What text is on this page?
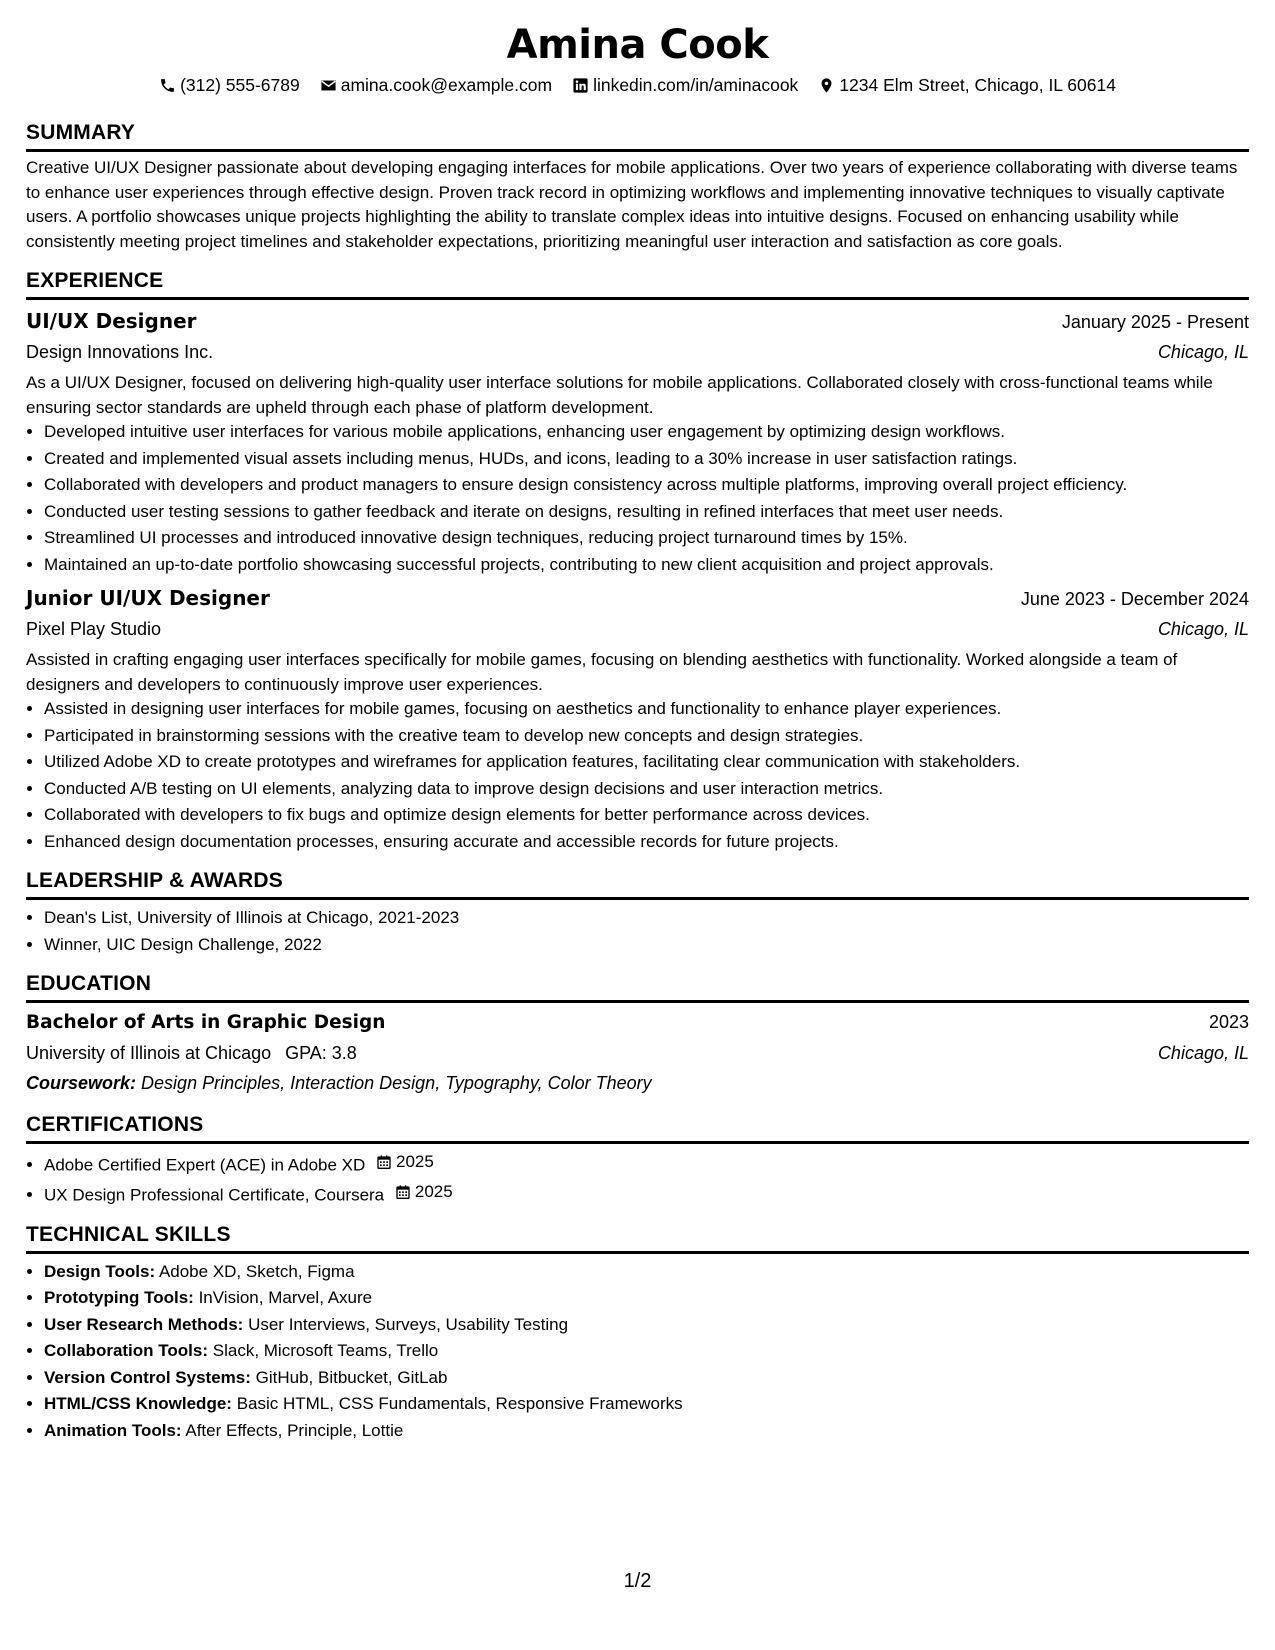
Amina Cook
(312) 555-6789 amina.cook@example.com linkedin.com/in/aminacook 1234 Elm Street, Chicago, IL 60614
SUMMARY

Creative UI/UX Designer passionate about developing engaging interfaces for mobile applications. Over two years of experience collaborating with diverse teams to enhance user experiences through effective design. Proven track record in optimizing workflows and implementing innovative techniques to visually captivate users. A portfolio showcases unique projects highlighting the ability to translate complex ideas into intuitive designs. Focused on enhancing usability while consistently meeting project timelines and stakeholder expectations, prioritizing meaningful user interaction and satisfaction as core goals.

EXPERIENCE
UI/UX Designer	January 2025 - Present
Design Innovations Inc.	Chicago, IL

As a UI/UX Designer, focused on delivering high-quality user interface solutions for mobile applications. Collaborated closely with cross-functional teams while ensuring sector standards are upheld through each phase of platform development.

• Developed intuitive user interfaces for various mobile applications, enhancing user engagement by optimizing design workflows.
• Created and implemented visual assets including menus, HUDs, and icons, leading to a 30% increase in user satisfaction ratings.
• Collaborated with developers and product managers to ensure design consistency across multiple platforms, improving overall project efficiency.
• Conducted user testing sessions to gather feedback and iterate on designs, resulting in refined interfaces that meet user needs.
• Streamlined UI processes and introduced innovative design techniques, reducing project turnaround times by 15%.
• Maintained an up-to-date portfolio showcasing successful projects, contributing to new client acquisition and project approvals.
Junior UI/UX Designer	June 2023 - December 2024
Pixel Play Studio	Chicago, IL

Assisted in crafting engaging user interfaces specifically for mobile games, focusing on blending aesthetics with functionality. Worked alongside a team of designers and developers to continuously improve user experiences.

• Assisted in designing user interfaces for mobile games, focusing on aesthetics and functionality to enhance player experiences.
• Participated in brainstorming sessions with the creative team to develop new concepts and design strategies.
• Utilized Adobe XD to create prototypes and wireframes for application features, facilitating clear communication with stakeholders.
• Conducted A/B testing on UI elements, analyzing data to improve design decisions and user interaction metrics.
• Collaborated with developers to fix bugs and optimize design elements for better performance across devices.
• Enhanced design documentation processes, ensuring accurate and accessible records for future projects.
LEADERSHIP & AWARDS
• Dean's List, University of Illinois at Chicago, 2021-2023
• Winner, UIC Design Challenge, 2022
EDUCATION
Bachelor of Arts in Graphic Design	2023
University of Illinois at Chicago GPA: 3.8	Chicago, IL
Coursework: Design Principles, Interaction Design, Typography, Color Theory
CERTIFICATIONS
• Adobe Certified Expert (ACE) in Adobe XD 2025
• UX Design Professional Certificate, Coursera 2025
TECHNICAL SKILLS
• Design Tools: Adobe XD, Sketch, Figma
• Prototyping Tools: InVision, Marvel, Axure
• User Research Methods: User Interviews, Surveys, Usability Testing
• Collaboration Tools: Slack, Microsoft Teams, Trello
• Version Control Systems: GitHub, Bitbucket, GitLab
• HTML/CSS Knowledge: Basic HTML, CSS Fundamentals, Responsive Frameworks
• Animation Tools: After Effects, Principle, Lottie
1/2
